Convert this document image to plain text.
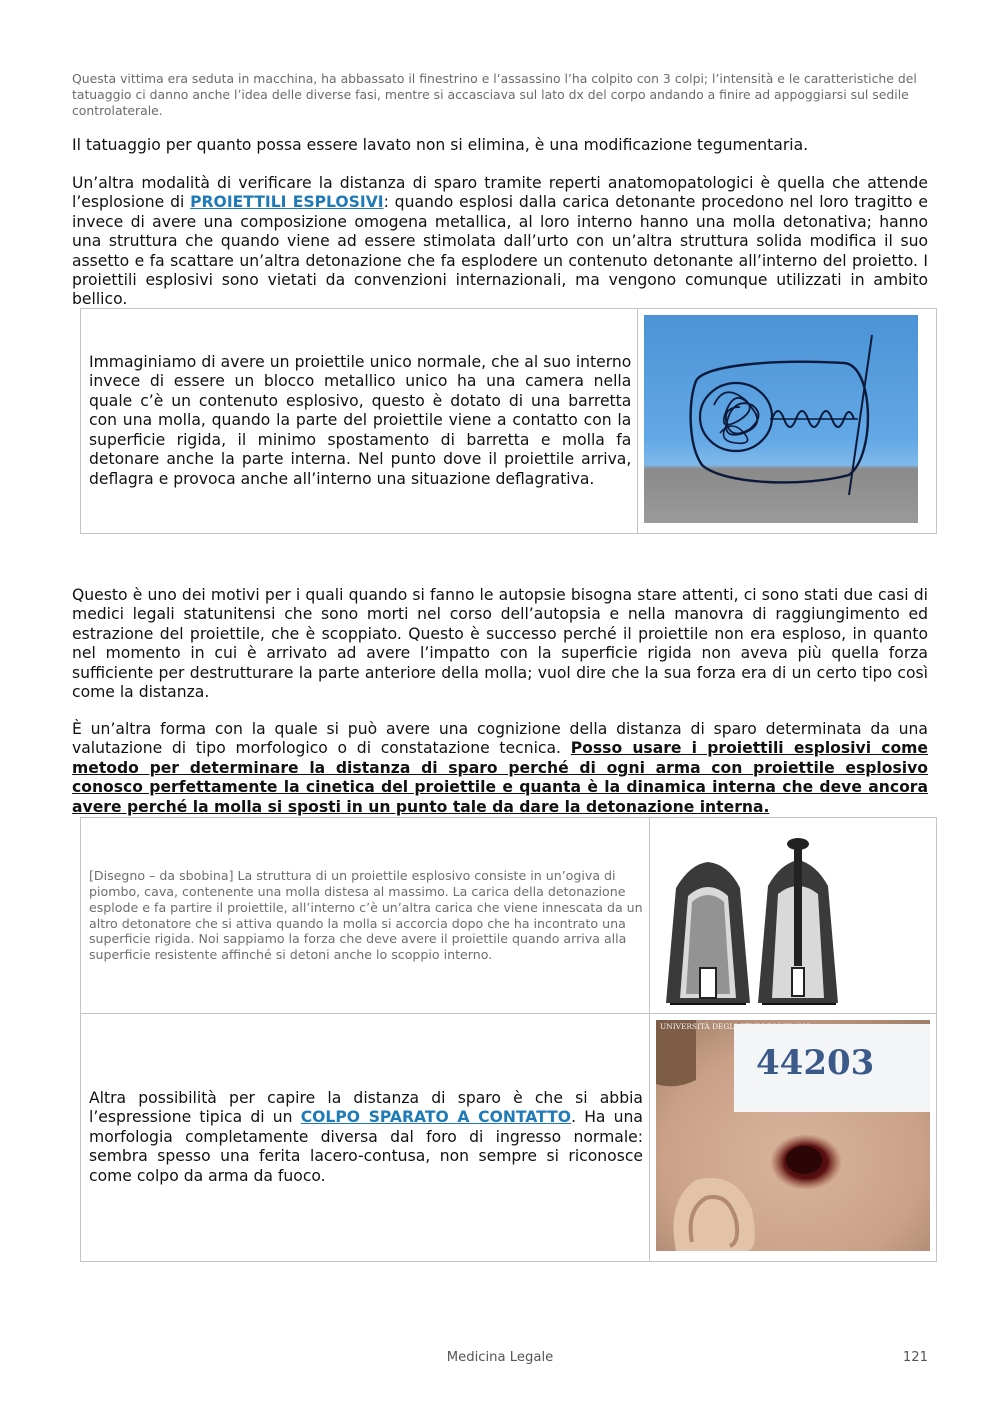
Questa vittima era seduta in macchina, ha abbassato il finestrino e l’assassino l’ha colpito con 3 colpi; l’intensità e le caratteristiche del tatuaggio ci danno anche l’idea delle diverse fasi, mentre si accasciava sul lato dx del corpo andando a finire ad appoggiarsi sul sedile controlaterale.

Il tatuaggio per quanto possa essere lavato non si elimina, è una modificazione tegumentaria.

Un’altra modalità di verificare la distanza di sparo tramite reperti anatomopatologici è quella che attende l’esplosione di PROIETTILI ESPLOSIVI: quando esplosi dalla carica detonante procedono nel loro tragitto e invece di avere una composizione omogena metallica, al loro interno hanno una molla detonativa; hanno una struttura che quando viene ad essere stimolata dall’urto con un’altra struttura solida modifica il suo assetto e fa scattare un’altra detonazione che fa esplodere un contenuto detonante all’interno del proietto. I proiettili esplosivi sono vietati da convenzioni internazionali, ma vengono comunque utilizzati in ambito bellico.

Immaginiamo di avere un proiettile unico normale, che al suo interno invece di essere un blocco metallico unico ha una camera nella quale c’è un contenuto esplosivo, questo è dotato di una barretta con una molla, quando la parte del proiettile viene a contatto con la superficie rigida, il minimo spostamento di barretta e molla fa detonare anche la parte interna. Nel punto dove il proiettile arriva, deflagra e provoca anche all’interno una situazione deflagrativa.

Questo è uno dei motivi per i quali quando si fanno le autopsie bisogna stare attenti, ci sono stati due casi di medici legali statunitensi che sono morti nel corso dell’autopsia e nella manovra di raggiungimento ed estrazione del proiettile, che è scoppiato. Questo è successo perché il proiettile non era esploso, in quanto nel momento in cui è arrivato ad avere l’impatto con la superficie rigida non aveva più quella forza sufficiente per destrutturare la parte anteriore della molla; vuol dire che la sua forza era di un certo tipo così come la distanza.

È un’altra forma con la quale si può avere una cognizione della distanza di sparo determinata da una valutazione di tipo morfologico o di constatazione tecnica. Posso usare i proiettili esplosivi come metodo per determinare la distanza di sparo perché di ogni arma con proiettile esplosivo conosco perfettamente la cinetica del proiettile e quanta è la dinamica interna che deve ancora avere perché la molla si sposti in un punto tale da dare la detonazione interna.

[Disegno – da sbobina] La struttura di un proiettile esplosivo consiste in un’ogiva di piombo, cava, contenente una molla distesa al massimo. La carica della detonazione esplode e fa partire il proiettile, all’interno c’è un’altra carica che viene innescata da un altro detonatore che si attiva quando la molla si accorcia dopo che ha incontrato una superficie rigida. Noi sappiamo la forza che deve avere il proiettile quando arriva alla superficie resistente affinché si detoni anche lo scoppio interno.

Altra possibilità per capire la distanza di sparo è che si abbia l’espressione tipica di un COLPO SPARATO A CONTATTO. Ha una morfologia completamente diversa dal foro di ingresso normale: sembra spesso una ferita lacero-contusa, non sempre si riconosce come colpo da arma da fuoco.	44203
UNIVERSITÀ DEGLI STUDI DI MILANO
Medicina Legale	121
